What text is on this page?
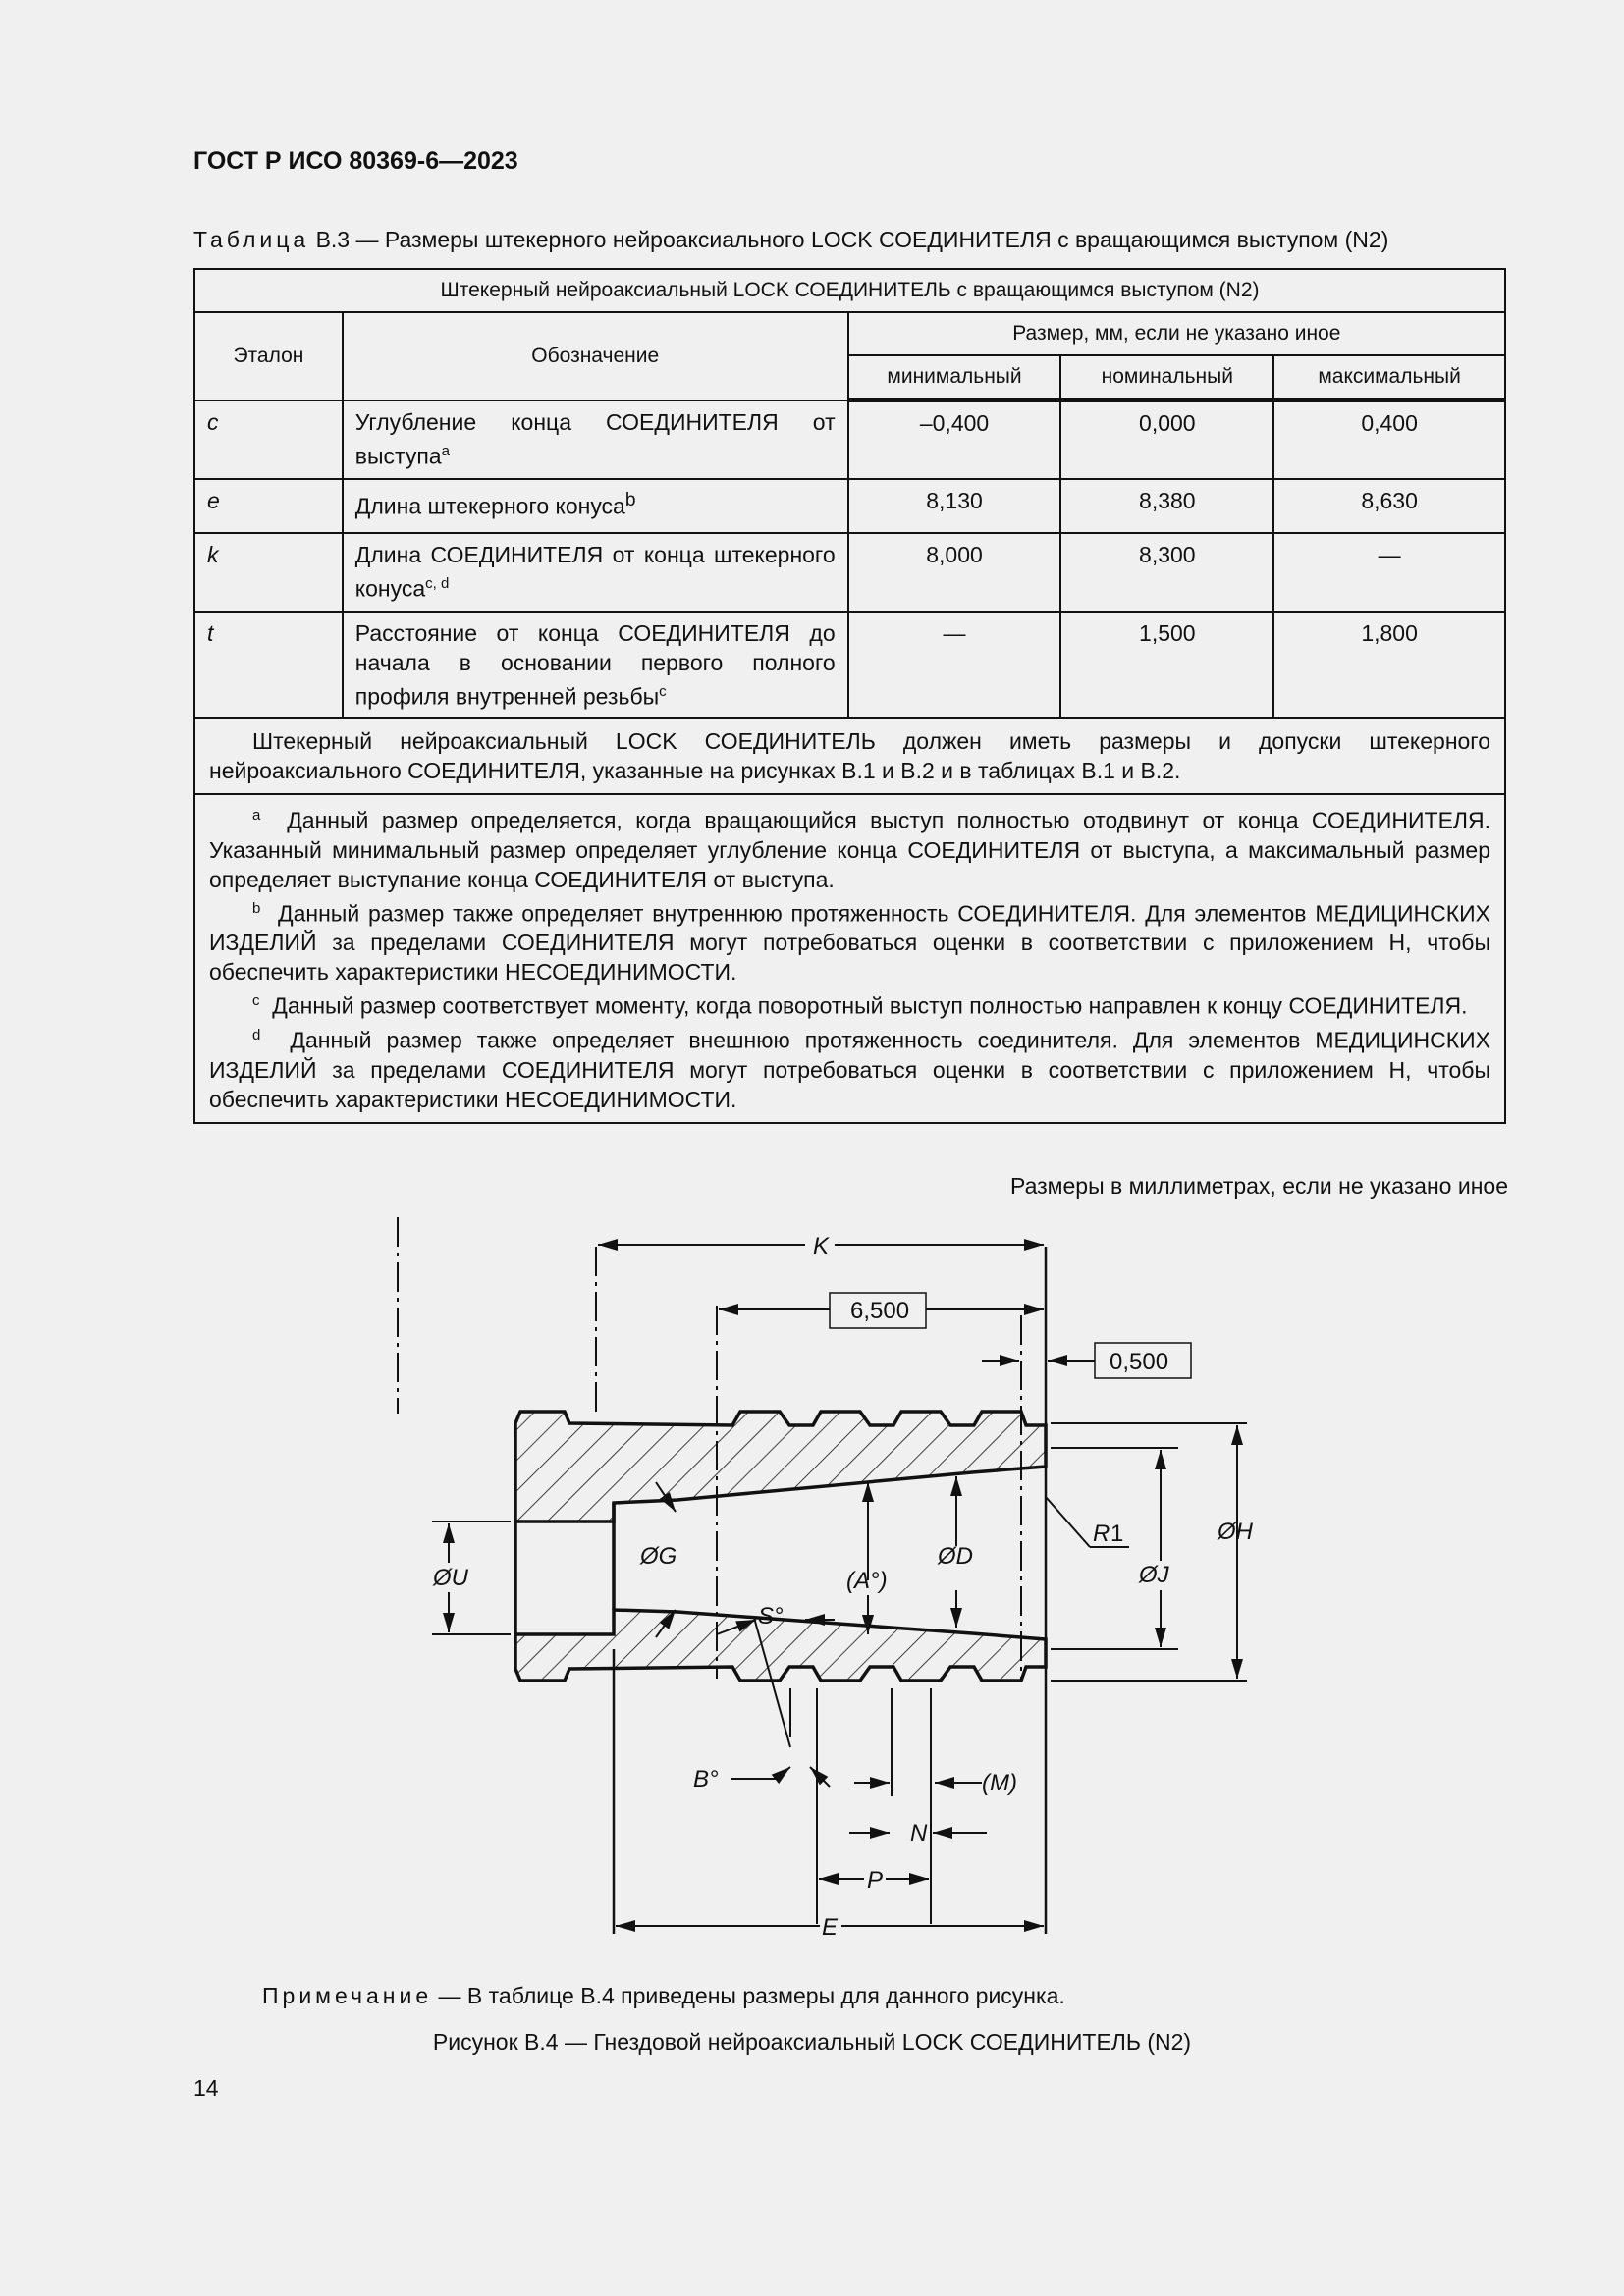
ГОСТ Р ИСО 80369-6—2023
Таблица В.3 — Размеры штекерного нейроаксиального LOCK СОЕДИНИТЕЛЯ с вращающимся выступом (N2)
Штекерный нейроаксиальный LOCK СОЕДИНИТЕЛЬ с вращающимся выступом (N2)				
Эталон	Обозначение	Размер, мм, если не указано иное		
		минимальный	номинальный	максимальный
c	Углубление конца СОЕДИНИТЕЛЯ от выступа$^a$	–0,400	0,000	0,400
e	Длина штекерного конуса$^b$	8,130	8,380	8,630
k	Длина СОЕДИНИТЕЛЯ от конца штекерного конуса$^{c, d}$	8,000	8,300	—
t	Расстояние от конца СОЕДИНИТЕЛЯ до начала в основании первого полного профиля внутренней резьбы$^c$	—	1,500	1,800
Штекерный нейроаксиальный LOCK СОЕДИНИТЕЛЬ должен иметь размеры и допуски штекерного нейроаксиального СОЕДИНИТЕЛЯ, указанные на рисунках В.1 и В.2 и в таблицах В.1 и В.2.				

$^a$ Данный размер определяется, когда вращающийся выступ полностью отодвинут от конца СОЕДИНИТЕЛЯ. Указанный минимальный размер определяет углубление конца СОЕДИНИТЕЛЯ от выступа, а максимальный размер определяет выступание конца СОЕДИНИТЕЛЯ от выступа.
$^b$ Данный размер также определяет внутреннюю протяженность СОЕДИНИТЕЛЯ. Для элементов МЕДИЦИНСКИХ ИЗДЕЛИЙ за пределами СОЕДИНИТЕЛЯ могут потребоваться оценки в соответствии с приложением Н, чтобы обеспечить характеристики НЕСОЕДИНИМОСТИ.
$^c$ Данный размер соответствует моменту, когда поворотный выступ полностью направлен к концу СОЕДИНИТЕЛЯ.
$^d$ Данный размер также определяет внешнюю протяженность соединителя. Для элементов МЕДИЦИНСКИХ ИЗДЕЛИЙ за пределами СОЕДИНИТЕЛЯ могут потребоваться оценки в соответствии с приложением Н, чтобы обеспечить характеристики НЕСОЕДИНИМОСТИ.				
Размеры в миллиметрах, если не указано иное
K
6,500
0,500
ØH
ØJ
R 1
ØU
ØG
(A°)
ØD
S°
B°	(M)
N
P
E
Примечание — В таблице В.4 приведены размеры для данного рисунка.
Рисунок В.4 — Гнездовой нейроаксиальный LOCK СОЕДИНИТЕЛЬ (N2)
14
